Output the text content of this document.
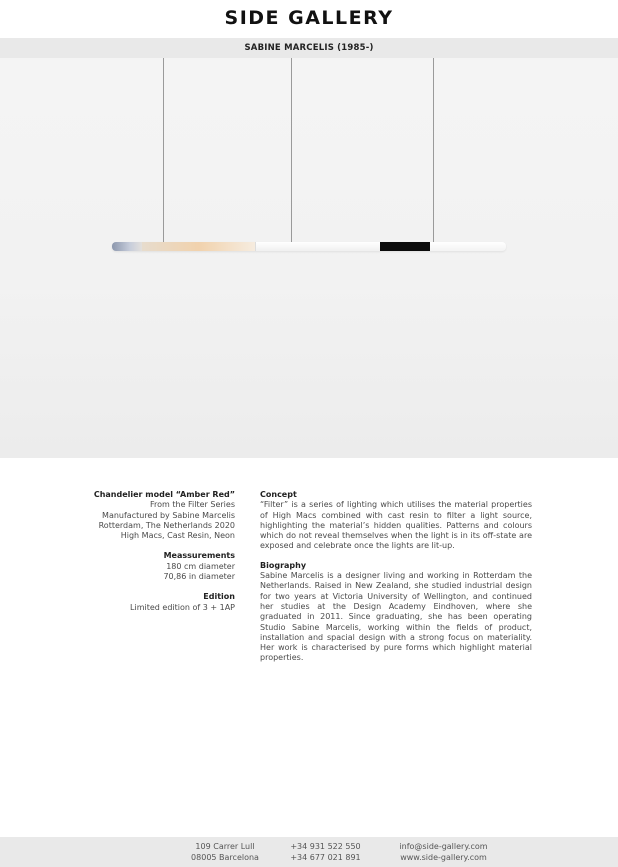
SIDE GALLERY
SABINE MARCELIS (1985-)

Chandelier model “Amber Red”

From the Filter Series

Manufactured by Sabine Marcelis

Rotterdam, The Netherlands 2020

High Macs, Cast Resin, Neon

Meassurements

180 cm diameter

70,86 in diameter

Edition

Limited edition of 3 + 1AP

Concept

“Filter” is a series of lighting which utilises the material properties of High Macs combined with cast resin to filter a light source, highlighting the material’s hidden qualities. Patterns and colours which do not reveal themselves when the light is in its off-state are exposed and celebrate once the lights are lit-up.

Biography

Sabine Marcelis is a designer living and working in Rotterdam the Netherlands. Raised in New Zealand, she studied industrial design for two years at Victoria University of Wellington, and continued her studies at the Design Academy Eindhoven, where she graduated in 2011. Since graduating, she has been operating Studio Sabine Marcelis, working within the fields of product, installation and spacial design with a strong focus on materiality. Her work is characterised by pure forms which highlight material properties.

109 Carrer Lull
08005 Barcelona
+34 931 522 550
+34 677 021 891
info@side-gallery.com
www.side-gallery.com
